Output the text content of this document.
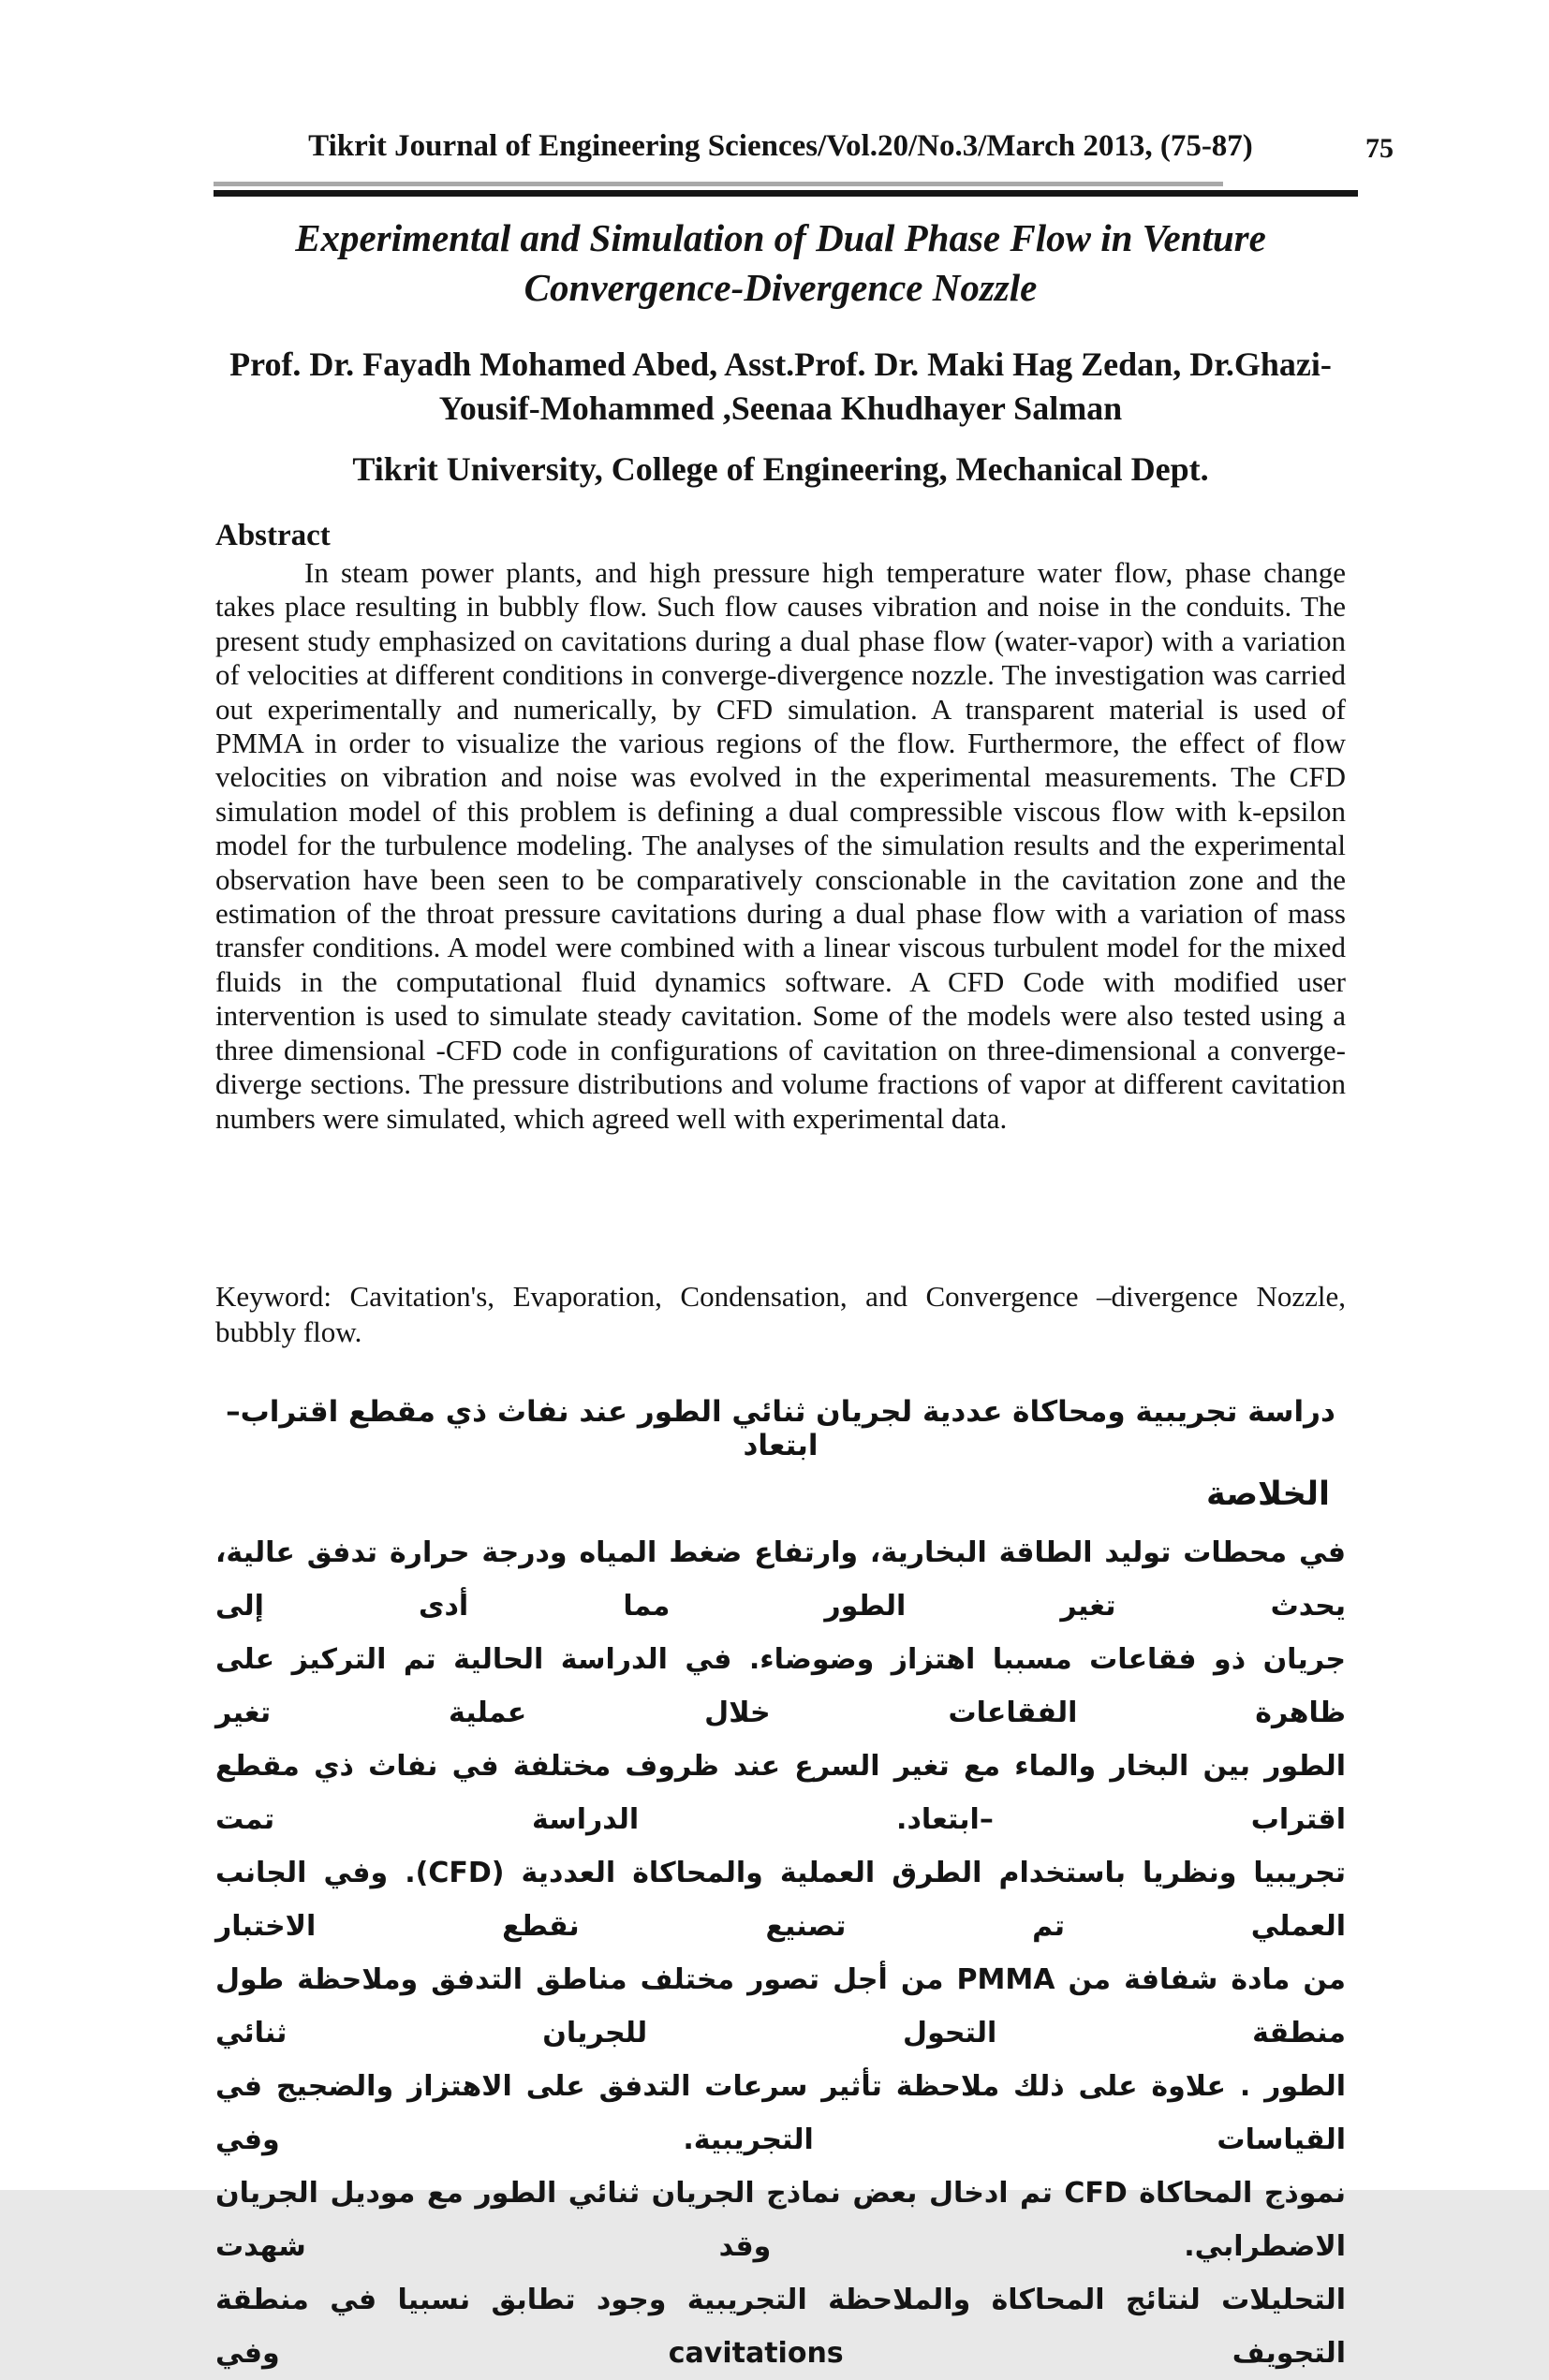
Tikrit Journal of Engineering Sciences/Vol.20/No.3/March 2013, (75-87)	75
Experimental and Simulation of Dual Phase Flow in Venture
Convergence-Divergence Nozzle
Prof. Dr. Fayadh Mohamed Abed, Asst.Prof. Dr. Maki Hag Zedan, Dr.Ghazi-
Yousif-Mohammed ,Seenaa Khudhayer Salman
Tikrit University, College of Engineering, Mechanical Dept.
Abstract
In steam power plants, and high pressure high temperature water flow, phase change takes place resulting in bubbly flow. Such flow causes vibration and noise in the conduits. The present study emphasized on cavitations during a dual phase flow (water-vapor) with a variation of velocities at different conditions in converge-divergence nozzle. The investigation was carried out experimentally and numerically, by CFD simulation. A transparent material is used of PMMA in order to visualize the various regions of the flow. Furthermore, the effect of flow velocities on vibration and noise was evolved in the experimental measurements. The CFD simulation model of this problem is defining a dual compressible viscous flow with k-epsilon model for the turbulence modeling. The analyses of the simulation results and the experimental observation have been seen to be comparatively conscionable in the cavitation zone and the estimation of the throat pressure cavitations during a dual phase flow with a variation of mass transfer conditions. A model were combined with a linear viscous turbulent model for the mixed fluids in the computational fluid dynamics software. A CFD Code with modified user intervention is used to simulate steady cavitation. Some of the models were also tested using a three dimensional -CFD code in configurations of cavitation on three-dimensional a converge-diverge sections. The pressure distributions and volume fractions of vapor at different cavitation numbers were simulated, which agreed well with experimental data.
Keyword: Cavitation's, Evaporation, Condensation, and Convergence –divergence Nozzle, bubbly flow.
دراسة تجريبية ومحاكاة عددية لجريان ثنائي الطور عند نفاث ذي مقطع اقتراب–ابتعاد
الخلاصة
في محطات توليد الطاقة البخارية، وارتفاع ضغط المياه ودرجة حرارة تدفق عالية، يحدث تغير الطور مما أدى إلى
جريان ذو فقاعات مسببا اهتزاز وضوضاء. في الدراسة الحالية تم التركيز على ظاهرة الفقاعات خلال عملية تغير
الطور بين البخار والماء مع تغير السرع عند ظروف مختلفة في نفاث ذي مقطع اقتراب –ابتعاد. الدراسة تمت
تجريبيا ونظريا باستخدام الطرق العملية والمحاكاة العددية (CFD). وفي الجانب العملي تم تصنيع نقطع الاختبار
من مادة شفافة من PMMA من أجل تصور مختلف مناطق التدفق وملاحظة طول منطقة التحول للجريان ثنائي
الطور . علاوة على ذلك ملاحظة تأثير سرعات التدفق على الاهتزاز والضجيج في القياسات التجريبية. وفي
نموذج المحاكاة CFD تم ادخال بعض نماذج الجريان ثنائي الطور مع موديل الجريان الاضطرابي. وقد شهدت
التحليلات لنتائج المحاكاة والملاحظة التجريبية وجود تطابق نسبيا في منطقة التجويف cavitations وفي
